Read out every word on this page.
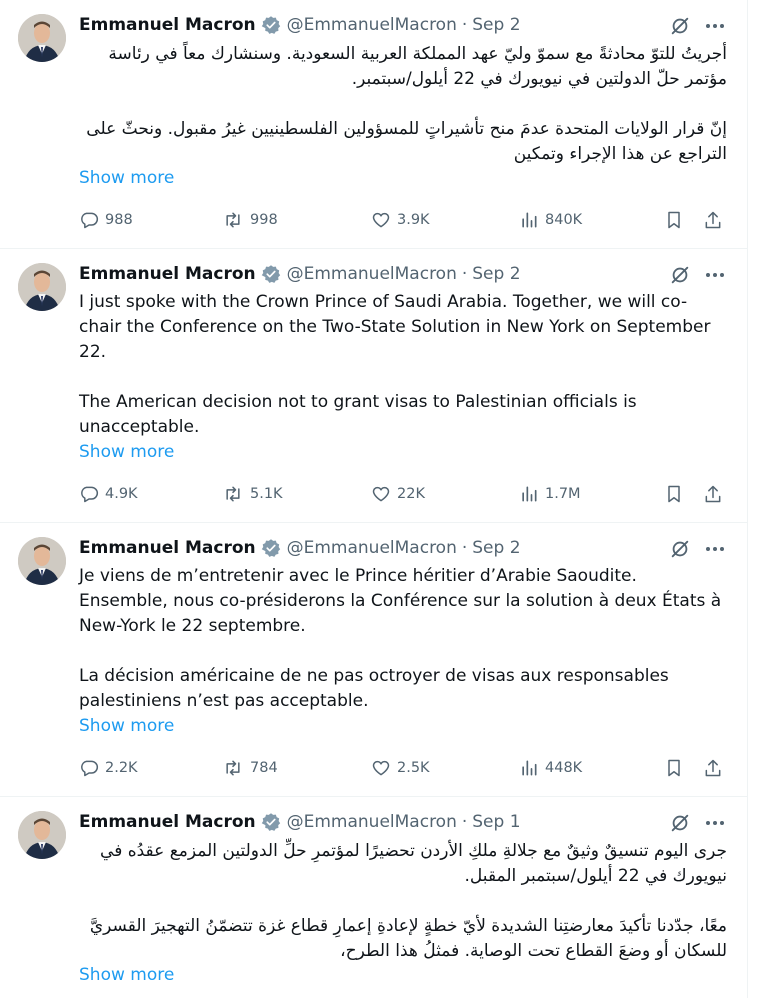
Emmanuel Macron @EmmanuelMacron · Sep 2

أجريتُ للتوّ محادثةً مع سموّ وليّ عهد المملكة العربية السعودية. وسنشارك معاً في رئاسة مؤتمر حلّ الدولتين في نيويورك في 22 أيلول/سبتمبر.

إنّ قرار الولايات المتحدة عدمَ منح تأشيراتٍ للمسؤولين الفلسطينيين غيرُ مقبول. ونحثّ على التراجع عن هذا الإجراء وتمكين

Show more
988	998	3.9K	840K
Emmanuel Macron @EmmanuelMacron · Sep 2

I just spoke with the Crown Prince of Saudi Arabia. Together, we will co-chair the Conference on the Two-State Solution in New York on September 22.

The American decision not to grant visas to Palestinian officials is unacceptable.

Show more
4.9K	5.1K	22K	1.7M
Emmanuel Macron @EmmanuelMacron · Sep 2

Je viens de m’entretenir avec le Prince héritier d’Arabie Saoudite. Ensemble, nous co-présiderons la Conférence sur la solution à deux États à New-York le 22 septembre.

La décision américaine de ne pas octroyer de visas aux responsables palestiniens n’est pas acceptable.

Show more
2.2K	784	2.5K	448K
Emmanuel Macron @EmmanuelMacron · Sep 1

جرى اليوم تنسيقٌ وثيقٌ مع جلالةِ ملكِ الأردن تحضيرًا لمؤتمرِ حلِّ الدولتين المزمع عقدُه في نيويورك في 22 أيلول/سبتمبر المقبل.

معًا، جدّدنا تأكيدَ معارضتِنا الشديدة لأيّ خطةٍ لإعادةِ إعمارِ قطاع غزة تتضمّنُ التهجيرَ القسريَّ للسكان أو وضعَ القطاع تحت الوصاية. فمثلُ هذا الطرح،

Show more
